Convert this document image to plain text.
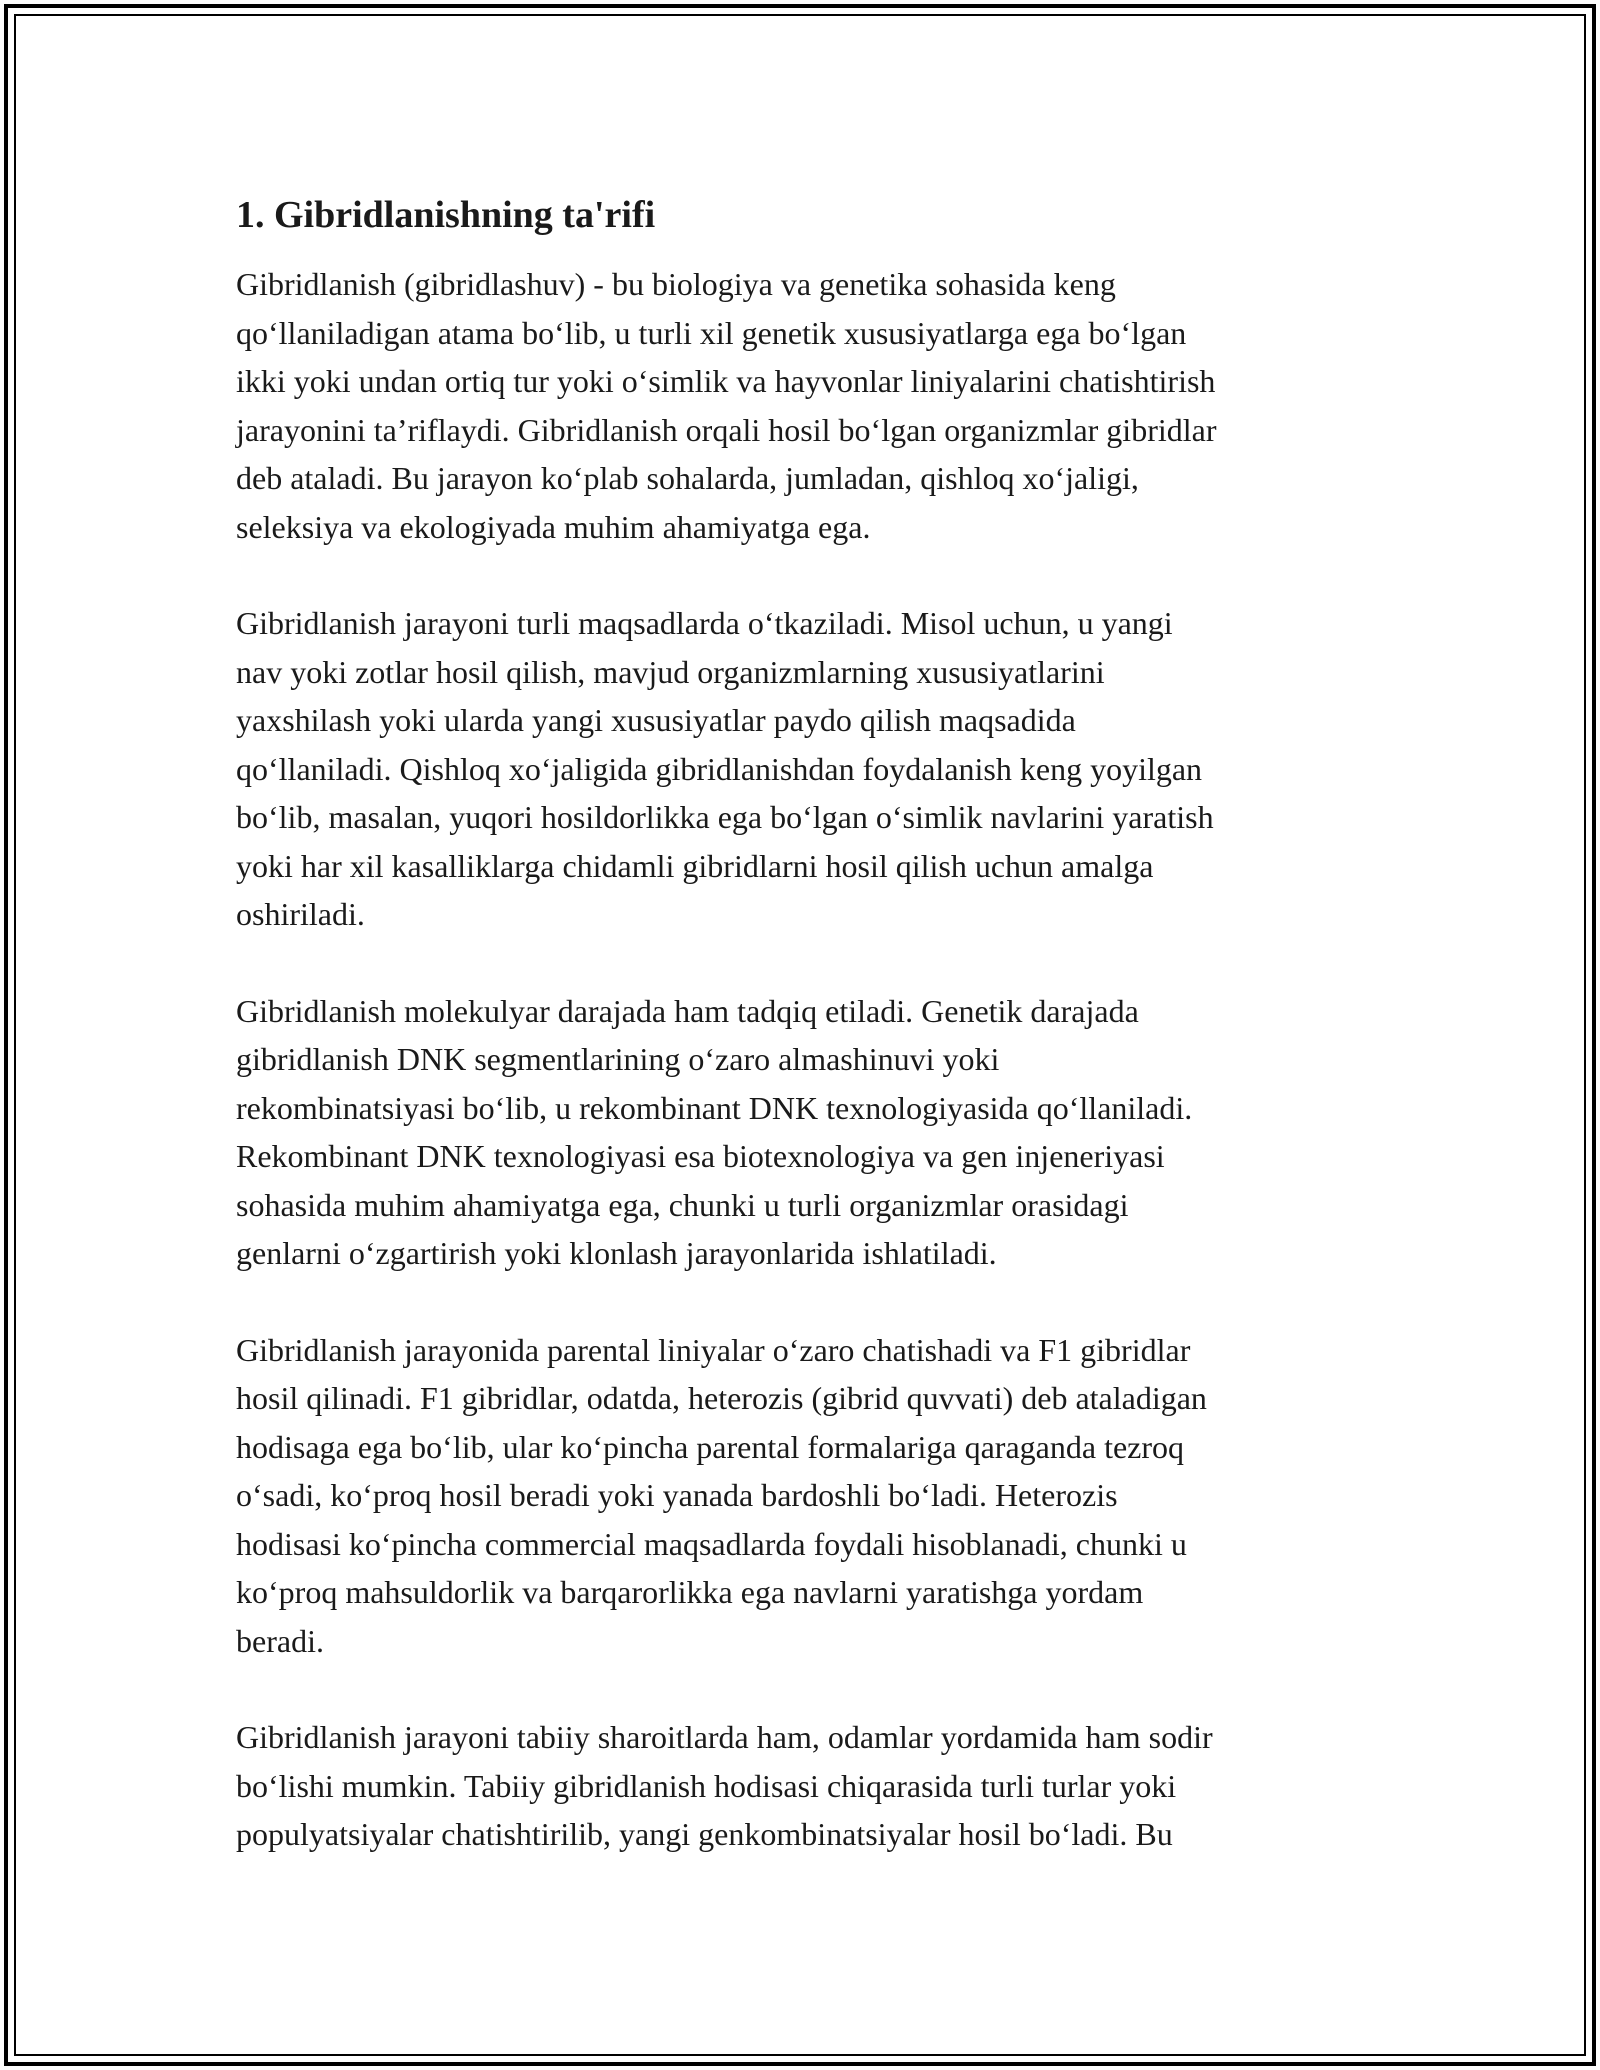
1. Gibridlanishning ta'rifi

Gibridlanish (gibridlashuv) - bu biologiya va genetika sohasida keng
qo‘llaniladigan atama bo‘lib, u turli xil genetik xususiyatlarga ega bo‘lgan
ikki yoki undan ortiq tur yoki o‘simlik va hayvonlar liniyalarini chatishtirish
jarayonini ta’riflaydi. Gibridlanish orqali hosil bo‘lgan organizmlar gibridlar
deb ataladi. Bu jarayon ko‘plab sohalarda, jumladan, qishloq xo‘jaligi,
seleksiya va ekologiyada muhim ahamiyatga ega.

Gibridlanish jarayoni turli maqsadlarda o‘tkaziladi. Misol uchun, u yangi
nav yoki zotlar hosil qilish, mavjud organizmlarning xususiyatlarini
yaxshilash yoki ularda yangi xususiyatlar paydo qilish maqsadida
qo‘llaniladi. Qishloq xo‘jaligida gibridlanishdan foydalanish keng yoyilgan
bo‘lib, masalan, yuqori hosildorlikka ega bo‘lgan o‘simlik navlarini yaratish
yoki har xil kasalliklarga chidamli gibridlarni hosil qilish uchun amalga
oshiriladi.

Gibridlanish molekulyar darajada ham tadqiq etiladi. Genetik darajada
gibridlanish DNK segmentlarining o‘zaro almashinuvi yoki
rekombinatsiyasi bo‘lib, u rekombinant DNK texnologiyasida qo‘llaniladi.
Rekombinant DNK texnologiyasi esa biotexnologiya va gen injeneriyasi
sohasida muhim ahamiyatga ega, chunki u turli organizmlar orasidagi
genlarni o‘zgartirish yoki klonlash jarayonlarida ishlatiladi.

Gibridlanish jarayonida parental liniyalar o‘zaro chatishadi va F1 gibridlar
hosil qilinadi. F1 gibridlar, odatda, heterozis (gibrid quvvati) deb ataladigan
hodisaga ega bo‘lib, ular ko‘pincha parental formalariga qaraganda tezroq
o‘sadi, ko‘proq hosil beradi yoki yanada bardoshli bo‘ladi. Heterozis
hodisasi ko‘pincha commercial maqsadlarda foydali hisoblanadi, chunki u
ko‘proq mahsuldorlik va barqarorlikka ega navlarni yaratishga yordam
beradi.

Gibridlanish jarayoni tabiiy sharoitlarda ham, odamlar yordamida ham sodir
bo‘lishi mumkin. Tabiiy gibridlanish hodisasi chiqarasida turli turlar yoki
populyatsiyalar chatishtirilib, yangi genkombinatsiyalar hosil bo‘ladi. Bu
